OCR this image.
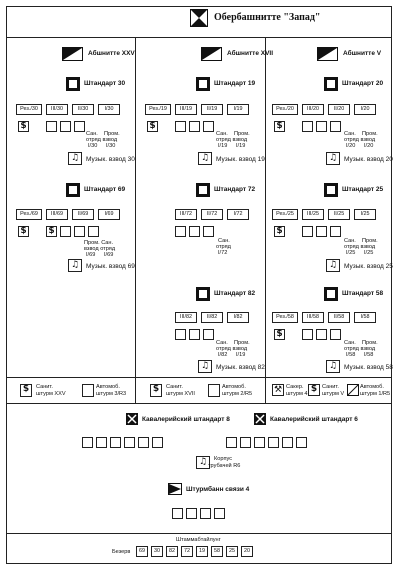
Обербашнитте "Запад"
Абшнитте XXV
Штандарт 30
Рез./30	III/30	II/30	I/30
$
Сан. Пром.
отряд взвод
I/30 I/30
♫	Музык. взвод 30
Штандарт 69
Рез./69	III/69	II/69	I/69
$ $
Пром. Сан.
взвод отряд
I/69 I/69
♫	Музык. взвод 69
Абшнитте XVII
Штандарт 19
Рез./19	III/19	II/19	I/19
$
Сан. Пром.
отряд взвод
I/19 I/19
♫	Музык. взвод 19
Штандарт 72
III/72	II/72	I/72
Сан.
отряд
I/72
Штандарт 82
III/82	II/82	I/82
Сан. Пром.
отряд взвод
I/82 I/19
♫	Музык. взвод 82
Абшнитте V
Штандарт 20
Рез./20	III/20	II/20	I/20
$
Сан. Пром.
отряд взвод
I/20 I/20
♫	Музык. взвод 20
Штандарт 25
Рез./25	III/25	II/25	I/25
$
Сан. Пром.
отряд взвод
I/25 I/25
♫	Музык. взвод 25
Штандарт 58
Рез./58	III/58	II/58	I/58
$
Сан. Пром.
отряд взвод
I/58 I/58
♫	Музык. взвод 58
$	Санит.
штурм XXV
Автомоб.
штурм 3/R3	$	Санит.
штурм XVII
Автомоб.
штурм 2/R5 ⚒ Сакер.
штурм 4 $ Санит.
штурм V
Автомоб.
штурм 1/R5
Кавалерийский штандарт 8	Кавалерийский штандарт 6
♫	Корпус
трубачей R6
Штурмбанн связи 4
Штаммабтайлунг
Безерв	69	30	82	72	19	58	25	20
